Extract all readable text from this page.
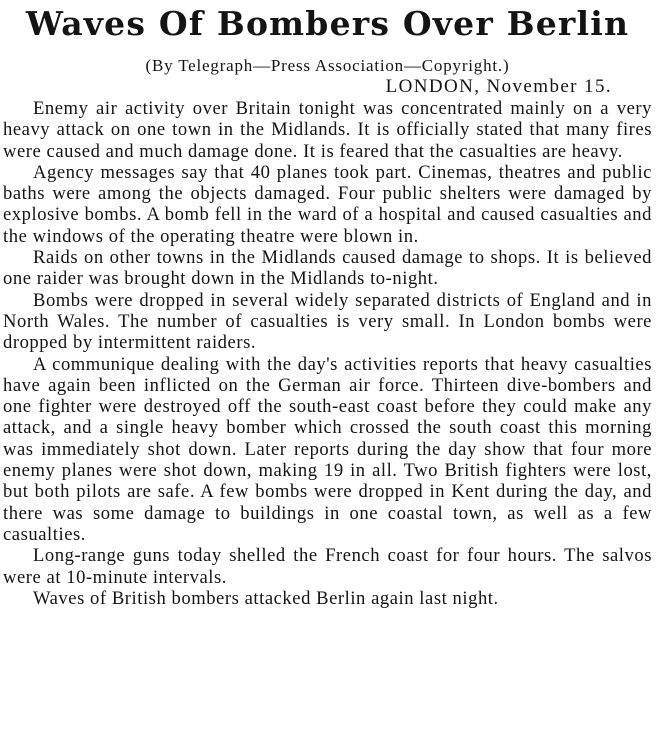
Waves Of Bombers Over Berlin

(By Telegraph—Press Association—Copyright.)

LONDON, November 15.

Enemy air activity over Britain tonight was concentrated mainly on a very heavy attack on one town in the Midlands. It is officially stated that many fires were caused and much damage done. It is feared that the casualties are heavy.

Agency messages say that 40 planes took part. Cinemas, theatres and public baths were among the objects damaged. Four public shelters were damaged by explosive bombs. A bomb fell in the ward of a hospital and caused casualties and the windows of the operating theatre were blown in.

Raids on other towns in the Midlands caused damage to shops. It is believed one raider was brought down in the Midlands to-night.

Bombs were dropped in several widely separated districts of England and in North Wales. The number of casualties is very small. In London bombs were dropped by intermittent raiders.

A communique dealing with the day's activities reports that heavy casualties have again been inflicted on the German air force. Thirteen dive-bombers and one fighter were destroyed off the south-east coast before they could make any attack, and a single heavy bomber which crossed the south coast this morning was immediately shot down. Later reports during the day show that four more enemy planes were shot down, making 19 in all. Two British fighters were lost, but both pilots are safe. A few bombs were dropped in Kent during the day, and there was some damage to buildings in one coastal town, as well as a few casualties.

Long-range guns today shelled the French coast for four hours. The salvos were at 10-minute intervals.

Waves of British bombers attacked Berlin again last night.
